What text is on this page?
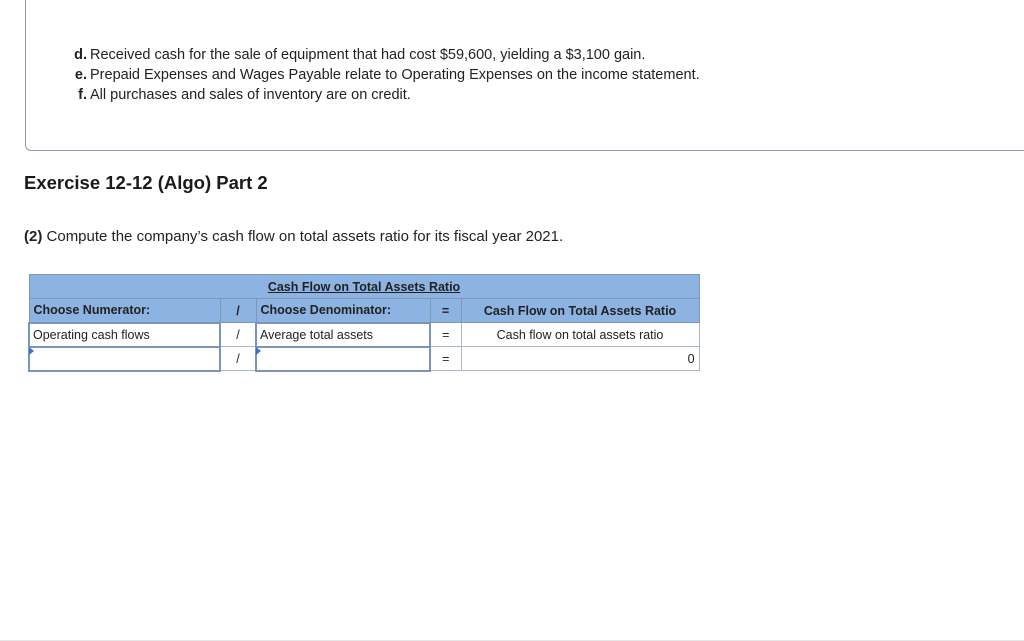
d. Received cash for the sale of equipment that had cost $59,600, yielding a $3,100 gain.
e. Prepaid Expenses and Wages Payable relate to Operating Expenses on the income statement.
f. All purchases and sales of inventory are on credit.
Exercise 12-12 (Algo) Part 2

(2) Compute the company’s cash flow on total assets ratio for its fiscal year 2021.

Cash Flow on Total Assets Ratio				
Choose Numerator:	/	Choose Denominator:	=	Cash Flow on Total Assets Ratio
Operating cash flows	/	Average total assets	=	Cash flow on total assets ratio

	/		=	0
